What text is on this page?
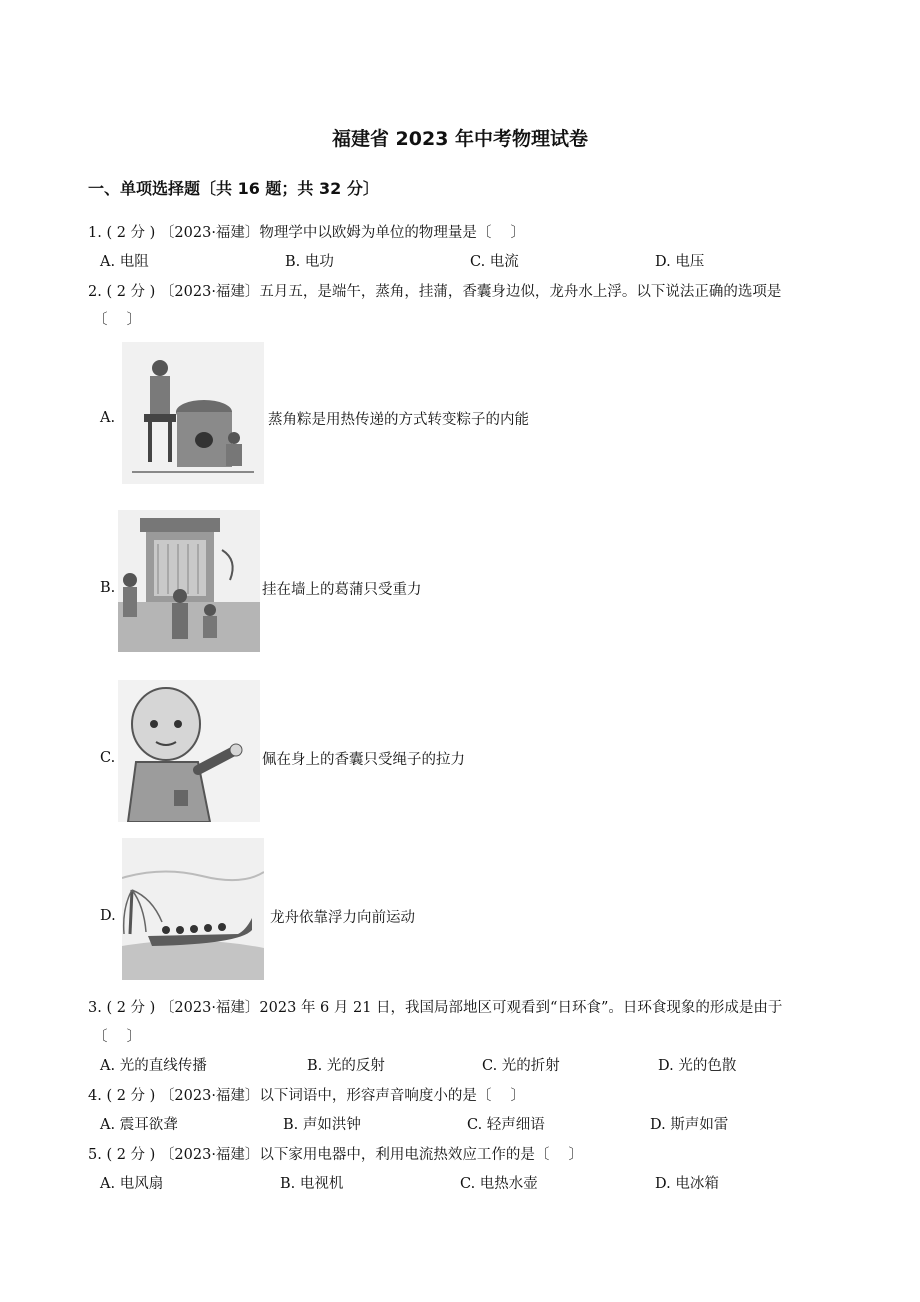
福建省 2023 年中考物理试卷
一、单项选择题〔共 16 题；共 32 分〕
1. ( 2 分 ) 〔2023·福建〕物理学中以欧姆为单位的物理量是〔　 〕
A. 电阻	B. 电功	C. 电流	D. 电压
2. ( 2 分 ) 〔2023·福建〕五月五，是端午，蒸角，挂蒲，香囊身边似，龙舟水上浮。以下说法正确的选项是
〔　 〕
A.	蒸角粽是用热传递的方式转变粽子的内能
B.	挂在墙上的葛蒲只受重力
C.	佩在身上的香囊只受绳子的拉力
D.	龙舟依靠浮力向前运动
3. ( 2 分 ) 〔2023·福建〕2023 年 6 月 21 日，我国局部地区可观看到“日环食”。日环食现象的形成是由于
〔　 〕
A. 光的直线传播	B. 光的反射	C. 光的折射	D. 光的色散
4. ( 2 分 ) 〔2023·福建〕以下词语中，形容声音响度小的是〔　 〕
A. 震耳欲聋	B. 声如洪钟	C. 轻声细语	D. 斯声如雷
5. ( 2 分 ) 〔2023·福建〕以下家用电器中，利用电流热效应工作的是〔　 〕
A. 电风扇	B. 电视机	C. 电热水壶	D. 电冰箱
